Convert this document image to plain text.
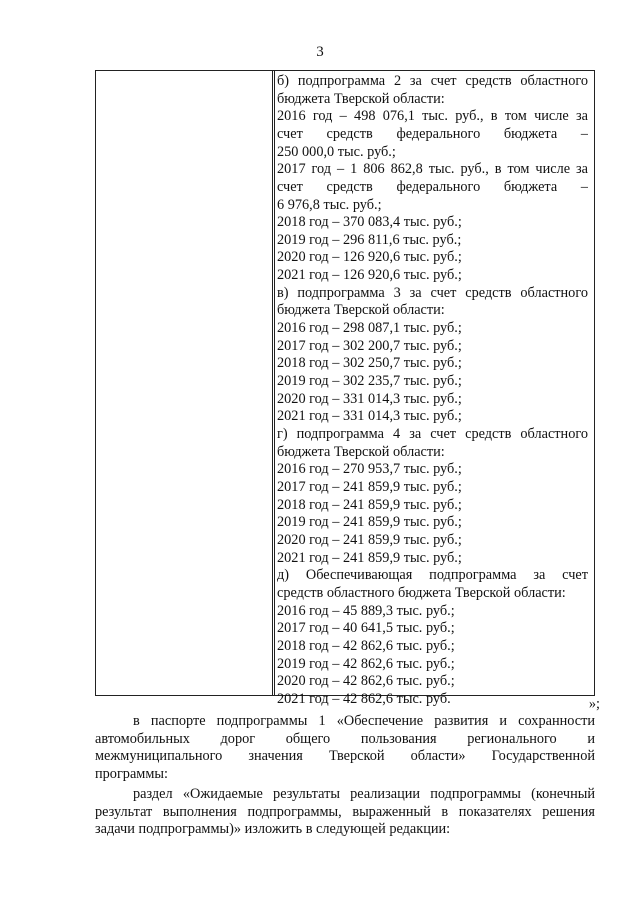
3
б) подпрограмма 2 за счет средств областного
бюджета Тверской области:
2016 год – 498 076,1 тыс. руб., в том числе за
счет средств федерального бюджета –
250 000,0 тыс. руб.;
2017 год – 1 806 862,8 тыс. руб., в том числе за
счет средств федерального бюджета –
6 976,8 тыс. руб.;
2018 год – 370 083,4 тыс. руб.;
2019 год – 296 811,6 тыс. руб.;
2020 год – 126 920,6 тыс. руб.;
2021 год – 126 920,6 тыс. руб.;
в) подпрограмма 3 за счет средств областного
бюджета Тверской области:
2016 год – 298 087,1 тыс. руб.;
2017 год – 302 200,7 тыс. руб.;
2018 год – 302 250,7 тыс. руб.;
2019 год – 302 235,7 тыс. руб.;
2020 год – 331 014,3 тыс. руб.;
2021 год – 331 014,3 тыс. руб.;
г) подпрограмма 4 за счет средств областного
бюджета Тверской области:
2016 год – 270 953,7 тыс. руб.;
2017 год – 241 859,9 тыс. руб.;
2018 год – 241 859,9 тыс. руб.;
2019 год – 241 859,9 тыс. руб.;
2020 год – 241 859,9 тыс. руб.;
2021 год – 241 859,9 тыс. руб.;
д) Обеспечивающая подпрограмма за счет
средств областного бюджета Тверской области:
2016 год – 45 889,3 тыс. руб.;
2017 год – 40 641,5 тыс. руб.;
2018 год – 42 862,6 тыс. руб.;
2019 год – 42 862,6 тыс. руб.;
2020 год – 42 862,6 тыс. руб.;
2021 год – 42 862,6 тыс. руб.	»;
в паспорте подпрограммы 1 «Обеспечение развития и сохранности
автомобильных дорог общего пользования регионального и
межмуниципального значения Тверской области» Государственной
программы:
раздел «Ожидаемые результаты реализации подпрограммы (конечный
результат выполнения подпрограммы, выраженный в показателях решения
задачи подпрограммы)» изложить в следующей редакции:
